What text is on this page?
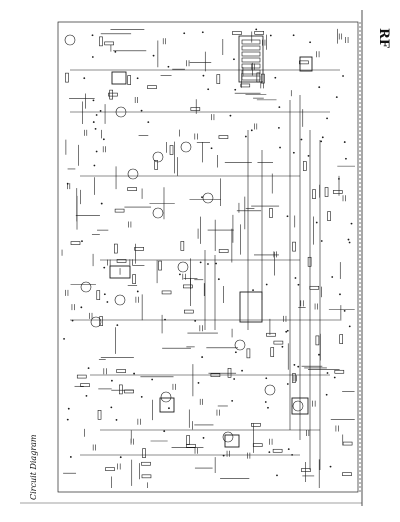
RF
Circuit Diagram
